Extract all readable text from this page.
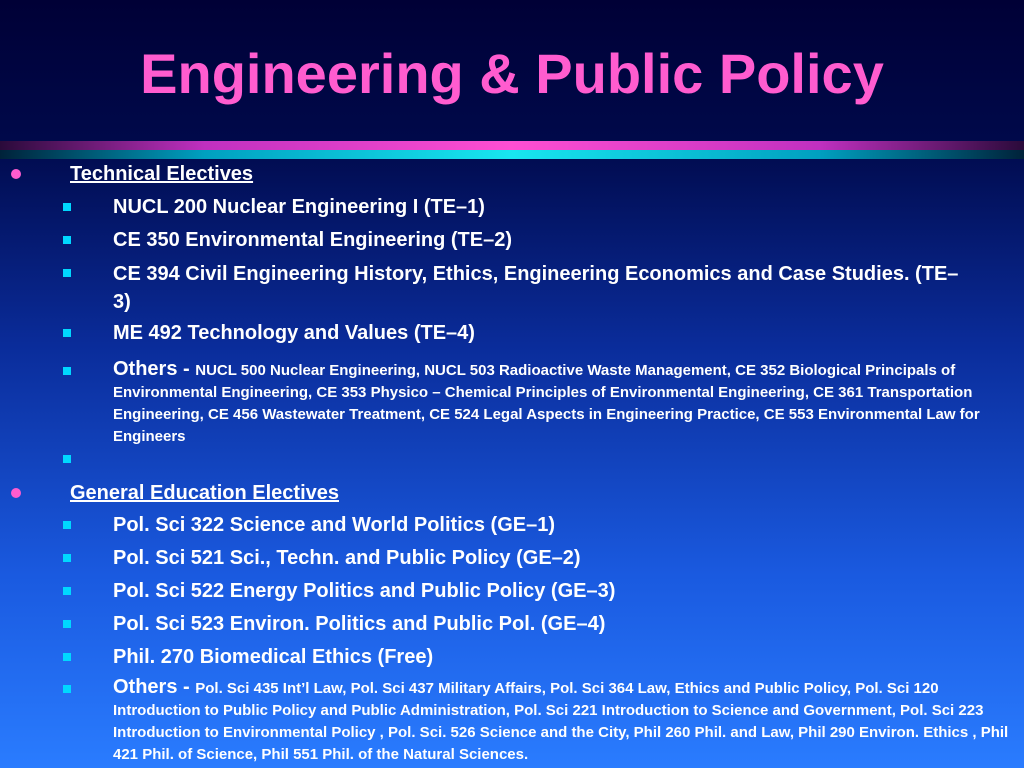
Engineering & Public Policy
Technical Electives
NUCL 200 Nuclear Engineering I (TE–1)
CE 350 Environmental Engineering (TE–2)
CE 394 Civil Engineering History, Ethics, Engineering Economics and Case Studies. (TE–3)
ME 492 Technology and Values (TE–4)
Others - NUCL 500 Nuclear Engineering, NUCL 503 Radioactive Waste Management, CE 352 Biological Principals of Environmental Engineering, CE 353 Physico – Chemical Principles of Environmental Engineering, CE 361 Transportation Engineering, CE 456 Wastewater Treatment, CE 524 Legal Aspects in Engineering Practice, CE 553 Environmental Law for Engineers
General Education Electives
Pol. Sci 322 Science and World Politics (GE–1)
Pol. Sci 521 Sci., Techn. and Public Policy (GE–2)
Pol. Sci 522 Energy Politics and Public Policy (GE–3)
Pol. Sci 523 Environ. Politics and Public Pol. (GE–4)
Phil. 270 Biomedical Ethics (Free)
Others - Pol. Sci 435 Int’l Law, Pol. Sci 437 Military Affairs, Pol. Sci 364 Law, Ethics and Public Policy, Pol. Sci 120 Introduction to Public Policy and Public Administration, Pol. Sci 221 Introduction to Science and Government, Pol. Sci 223 Introduction to Environmental Policy , Pol. Sci. 526 Science and the City, Phil 260 Phil. and Law, Phil 290 Environ. Ethics , Phil 421 Phil. of Science, Phil 551 Phil. of the Natural Sciences.
